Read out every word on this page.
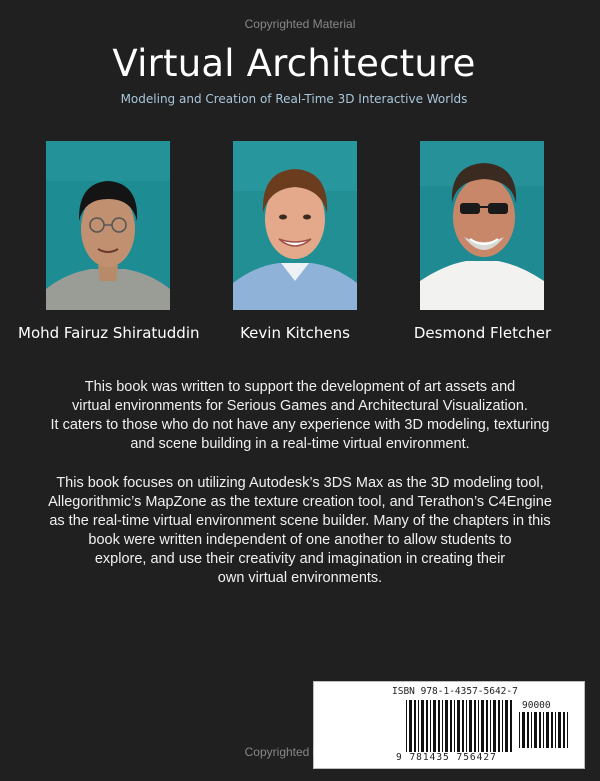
Copyrighted Material
Virtual Architecture
Modeling and Creation of Real-Time 3D Interactive Worlds
Mohd Fairuz Shiratuddin	Kevin Kitchens	Desmond Fletcher
This book was written to support the development of art assets and
virtual environments for Serious Games and Architectural Visualization.
It caters to those who do not have any experience with 3D modeling, texturing
and scene building in a real-time virtual environment.
This book focuses on utilizing Autodesk’s 3DS Max as the 3D modeling tool,
Allegorithmic’s MapZone as the texture creation tool, and Terathon’s C4Engine
as the real-time virtual environment scene builder. Many of the chapters in this
book were written independent of one another to allow students to
explore, and use their creativity and imagination in creating their
own virtual environments.
ISBN 978-1-4357-5642-7
90000
9 781435 756427
Copyrighted Material
